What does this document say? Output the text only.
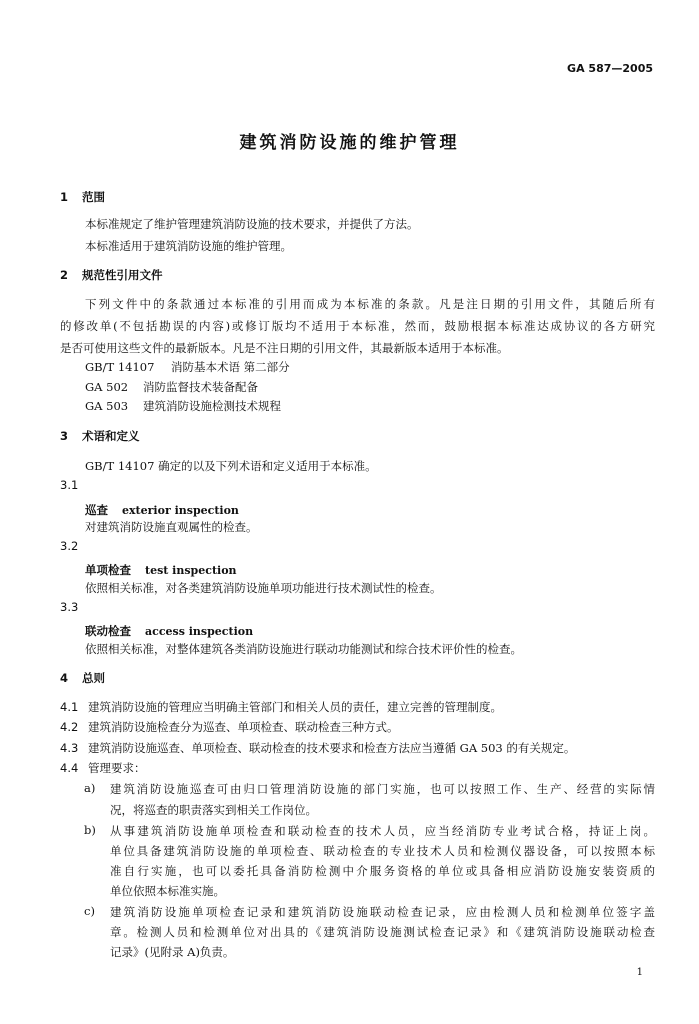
GA 587—2005
建筑消防设施的维护管理
1 范围
本标准规定了维护管理建筑消防设施的技术要求，并提供了方法。
本标准适用于建筑消防设施的维护管理。
2 规范性引用文件
下列文件中的条款通过本标准的引用而成为本标准的条款。凡是注日期的引用文件，其随后所有
的修改单(不包括勘误的内容)或修订版均不适用于本标准，然而，鼓励根据本标准达成协议的各方研究
是否可使用这些文件的最新版本。凡是不注日期的引用文件，其最新版本适用于本标准。
GB/T 14107 消防基本术语 第二部分
GA 502 消防监督技术装备配备
GA 503 建筑消防设施检测技术规程
3 术语和定义
GB/T 14107 确定的以及下列术语和定义适用于本标准。
3.1
巡查 exterior inspection
对建筑消防设施直观属性的检查。
3.2
单项检查 test inspection
依照相关标准，对各类建筑消防设施单项功能进行技术测试性的检查。
3.3
联动检查 access inspection
依照相关标准，对整体建筑各类消防设施进行联动功能测试和综合技术评价性的检查。
4 总则
4.1 建筑消防设施的管理应当明确主管部门和相关人员的责任，建立完善的管理制度。
4.2 建筑消防设施检查分为巡查、单项检查、联动检查三种方式。
4.3 建筑消防设施巡查、单项检查、联动检查的技术要求和检查方法应当遵循 GA 503 的有关规定。
4.4 管理要求：
a) 建筑消防设施巡查可由归口管理消防设施的部门实施，也可以按照工作、生产、经营的实际情
况，将巡查的职责落实到相关工作岗位。
b) 从事建筑消防设施单项检查和联动检查的技术人员，应当经消防专业考试合格，持证上岗。
单位具备建筑消防设施的单项检查、联动检查的专业技术人员和检测仪器设备，可以按照本标
准自行实施，也可以委托具备消防检测中介服务资格的单位或具备相应消防设施安装资质的
单位依照本标准实施。
c) 建筑消防设施单项检查记录和建筑消防设施联动检查记录，应由检测人员和检测单位签字盖
章。检测人员和检测单位对出具的《建筑消防设施测试检查记录》和《建筑消防设施联动检查
记录》(见附录 A)负责。
1
